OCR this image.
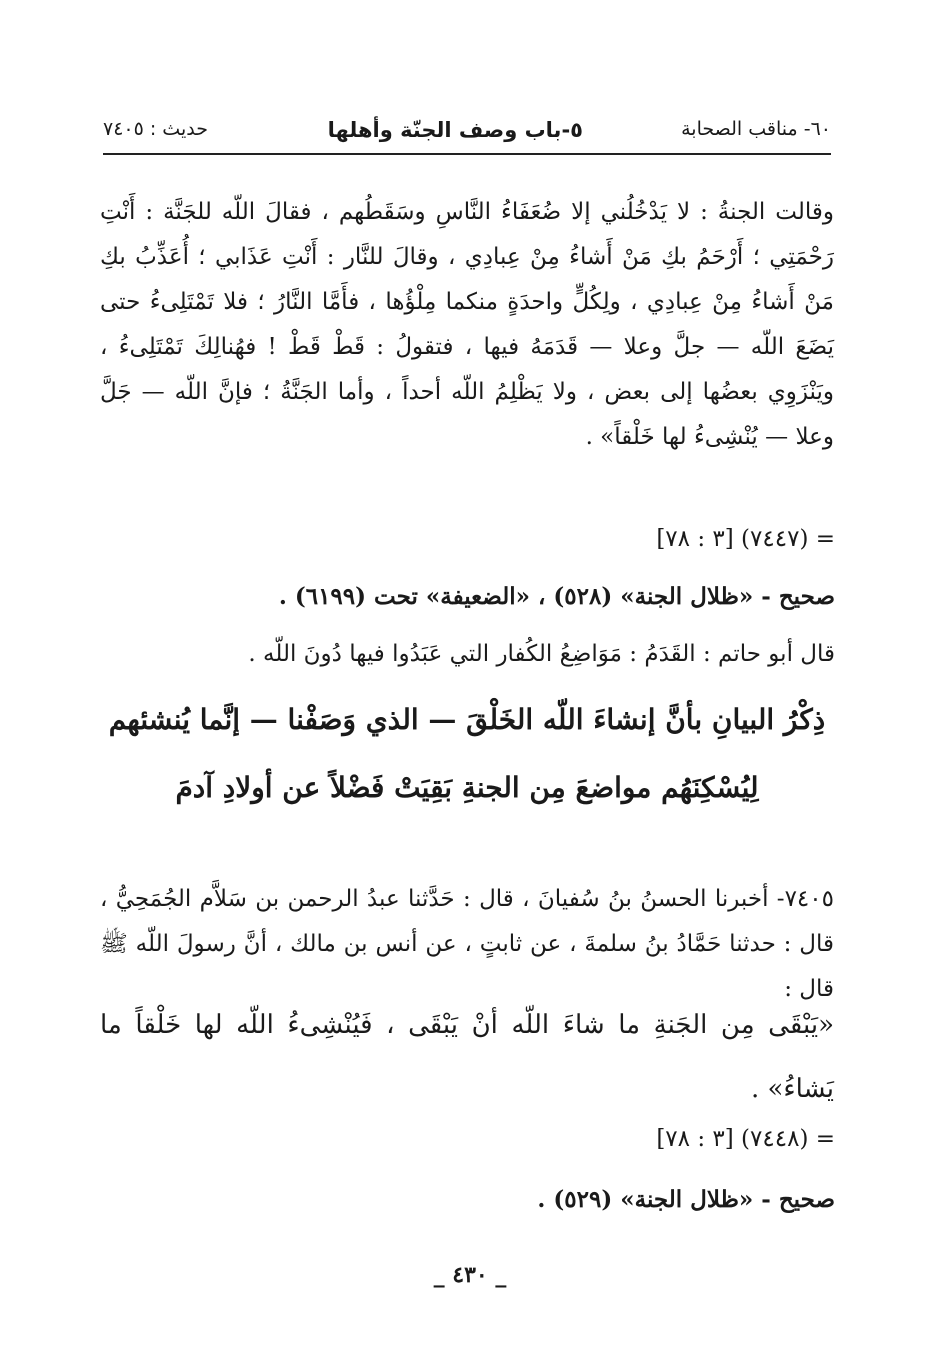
٦٠- مناقب الصحابة
٥-باب وصف الجنّة وأهلها
حديث : ٧٤٠٥
وقالت الجنةُ : لا يَدْخُلُني إلا ضُعَفَاءُ النَّاسِ وسَقَطُهم ، فقالَ اللّه للجَنَّة : أَنْتِ رَحْمَتِي ؛ أَرْحَمُ بكِ مَنْ أَشاءُ مِنْ عِبادِي ، وقالَ للنَّار : أَنْتِ عَذَابي ؛ أُعَذِّبُ بكِ مَنْ أَشاءُ مِنْ عِبادِي ، ولِكُلٍّ واحدَةٍ منكما مِلْؤُها ، فأَمَّا النَّارُ ؛ فلا تَمْتَلِىءُ حتى يَضَعَ اللّه — جلَّ وعلا — قَدَمَهُ فيها ، فتقولُ : قَطْ قَطْ ! فهُنالِكَ تَمْتَلِىءُ ، ويَنْزَوِي بعضُها إلى بعض ، ولا يَظْلِمُ اللّه أحداً ، وأما الجَنَّةُ ؛ فإنَّ اللّه — جَلَّ وعلا — يُنْشِىءُ لها خَلْقاً» .
= (٧٤٤٧) [٣ : ٧٨]
صحيح - «ظلال الجنة» (٥٢٨) ، «الضعيفة» تحت (٦١٩٩) .
قال أبو حاتم : القَدَمُ : مَوَاضِعُ الكُفار التي عَبَدُوا فيها دُونَ اللّه .
ذِكْرُ البيانِ بأنَّ إنشاءَ اللّه الخَلْقَ — الذي وَصَفْنا — إنَّما يُنشئهم لِيُسْكِنَهُم مواضعَ مِن الجنةِ بَقِيَتْ فَضْلاً عن أولادِ آدمَ
٧٤٠٥- أخبرنا الحسنُ بنُ سُفيانَ ، قال : حَدَّثنا عبدُ الرحمن بن سَلاَّم الجُمَحِيُّ ، قال : حدثنا حَمَّادُ بنُ سلمةَ ، عن ثابتٍ ، عن أنس بن مالك ، أنَّ رسولَ اللّه ﷺ قال :
«يَبْقَى مِن الجَنةِ ما شاءَ اللّه أنْ يَبْقَى ، فَيُنْشِىءُ اللّه لها خَلْقاً ما يَشاءُ» .
= (٧٤٤٨) [٣ : ٧٨]
صحيح - «ظلال الجنة» (٥٢٩) .
_ ٤٣٠ _
